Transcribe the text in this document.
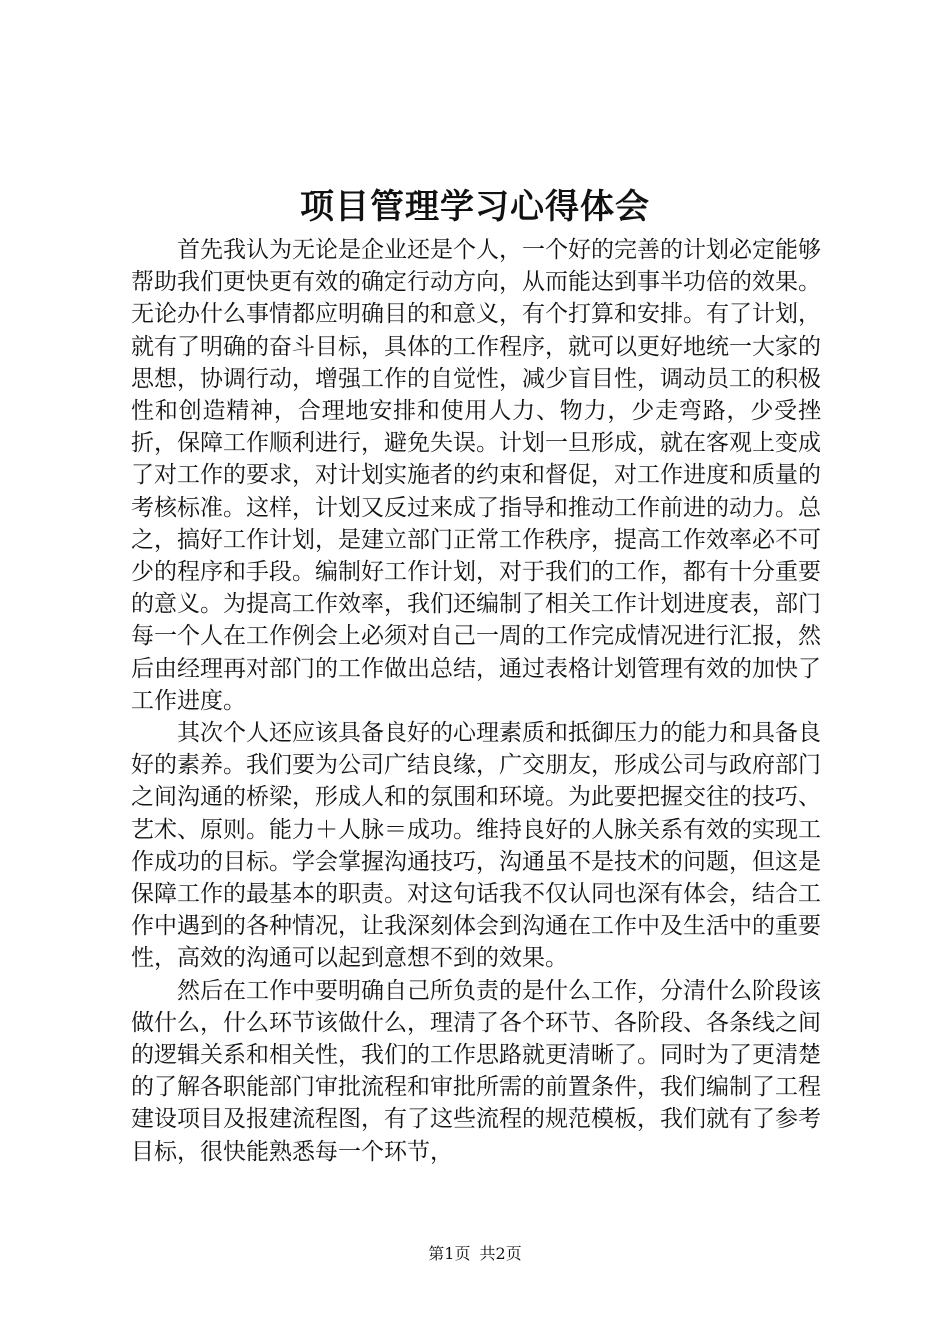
项目管理学习心得体会

首先我认为无论是企业还是个人，一个好的完善的计划必定能够帮助我们更快更有效的确定行动方向，从而能达到事半功倍的效果。无论办什么事情都应明确目的和意义，有个打算和安排。有了计划，就有了明确的奋斗目标，具体的工作程序，就可以更好地统一大家的思想，协调行动，增强工作的自觉性，减少盲目性，调动员工的积极性和创造精神，合理地安排和使用人力、物力，少走弯路，少受挫折，保障工作顺利进行，避免失误。计划一旦形成，就在客观上变成了对工作的要求，对计划实施者的约束和督促，对工作进度和质量的考核标准。这样，计划又反过来成了指导和推动工作前进的动力。总之，搞好工作计划，是建立部门正常工作秩序，提高工作效率必不可少的程序和手段。编制好工作计划，对于我们的工作，都有十分重要的意义。为提高工作效率，我们还编制了相关工作计划进度表，部门每一个人在工作例会上必须对自己一周的工作完成情况进行汇报，然后由经理再对部门的工作做出总结，通过表格计划管理有效的加快了工作进度。

其次个人还应该具备良好的心理素质和抵御压力的能力和具备良好的素养。我们要为公司广结良缘，广交朋友，形成公司与政府部门之间沟通的桥梁，形成人和的氛围和环境。为此要把握交往的技巧、艺术、原则。能力＋人脉＝成功。维持良好的人脉关系有效的实现工作成功的目标。学会掌握沟通技巧，沟通虽不是技术的问题，但这是保障工作的最基本的职责。对这句话我不仅认同也深有体会，结合工作中遇到的各种情况，让我深刻体会到沟通在工作中及生活中的重要性，高效的沟通可以起到意想不到的效果。

然后在工作中要明确自己所负责的是什么工作，分清什么阶段该做什么，什么环节该做什么，理清了各个环节、各阶段、各条线之间的逻辑关系和相关性，我们的工作思路就更清晰了。同时为了更清楚的了解各职能部门审批流程和审批所需的前置条件，我们编制了工程建设项目及报建流程图，有了这些流程的规范模板，我们就有了参考目标，很快能熟悉每一个环节，

第1页 共2页
